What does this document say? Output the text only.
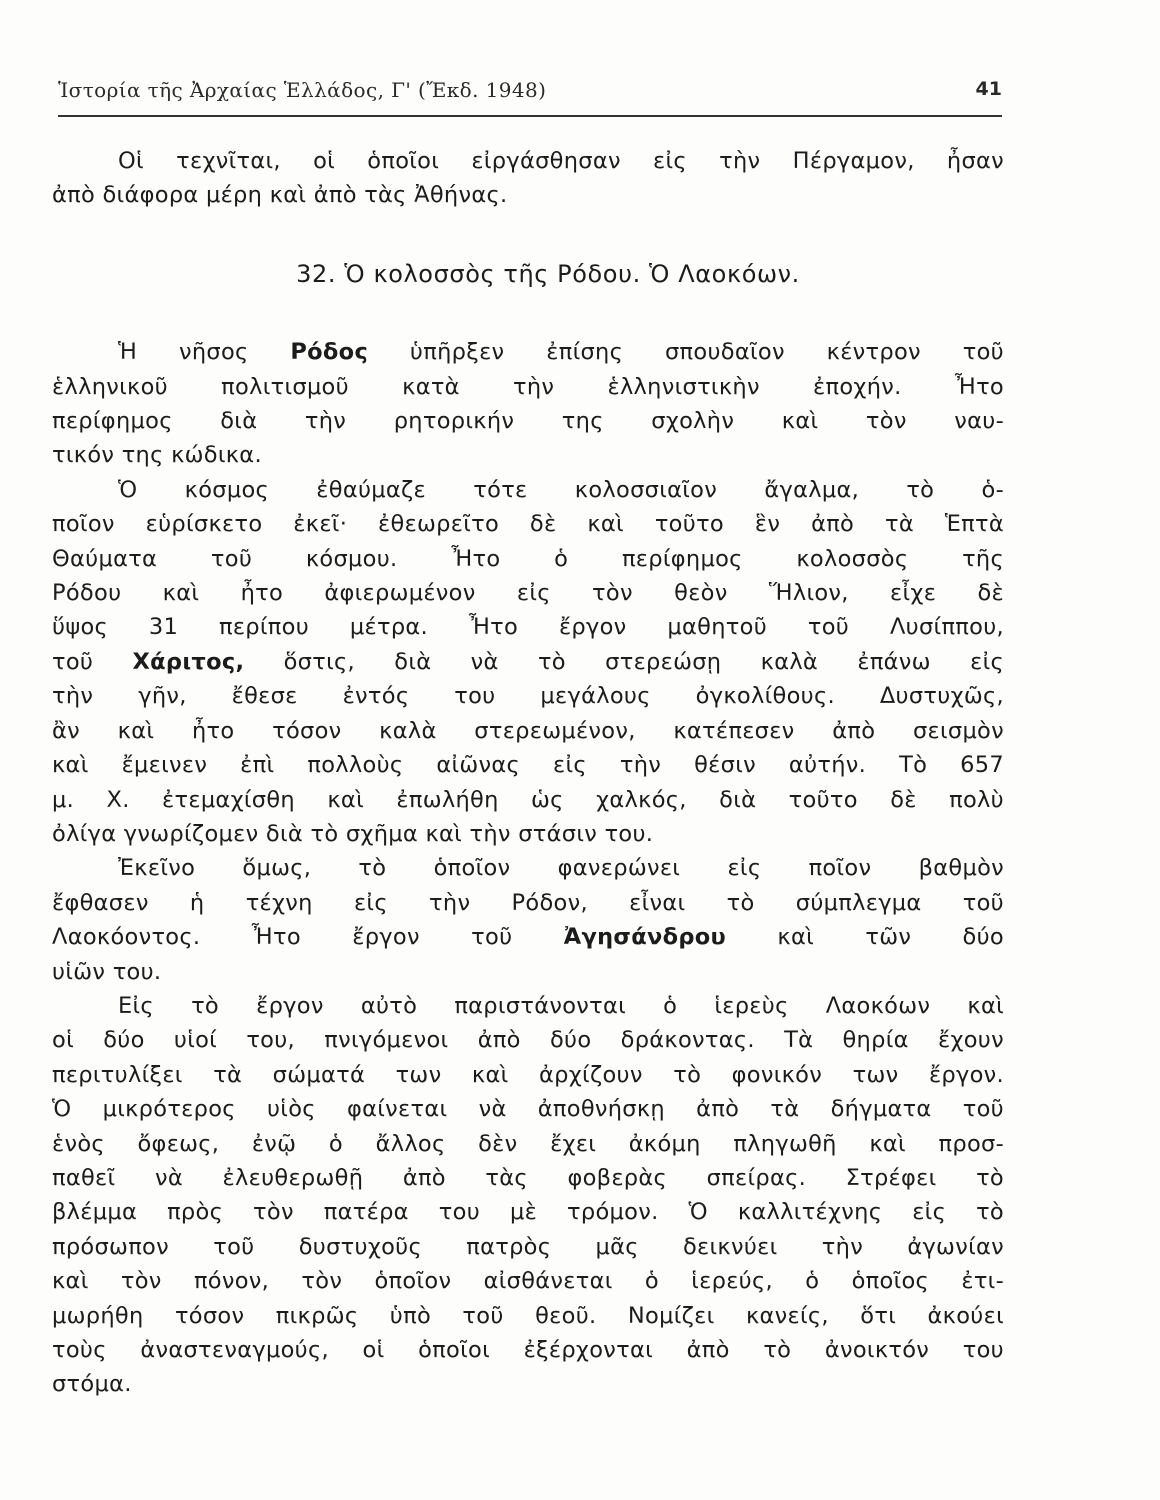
Ἱστορία τῆς Ἀρχαίας Ἑλλάδος, Γ' (Ἔκδ. 1948)	41
Οἱ τεχνῖται, οἱ ὁποῖοι εἰργάσθησαν εἰς τὴν Πέργαμον, ἦσαν
ἀπὸ διάφορα μέρη καὶ ἀπὸ τὰς Ἀθήνας.
32. Ὁ κολοσσὸς τῆς Ρόδου. Ὁ Λαοκόων.
Ἡ νῆσος Ρόδος ὑπῆρξεν ἐπίσης σπουδαῖον κέντρον τοῦ
ἑλληνικοῦ πολιτισμοῦ κατὰ τὴν ἑλληνιστικὴν ἐποχήν. Ἦτο
περίφημος διὰ τὴν ρητορικήν της σχολὴν καὶ τὸν ναυ-
τικόν της κώδικα.
Ὁ κόσμος ἐθαύμαζε τότε κολοσσιαῖον ἄγαλμα, τὸ ὁ-
ποῖον εὑρίσκετο ἐκεῖ· ἐθεωρεῖτο δὲ καὶ τοῦτο ἓν ἀπὸ τὰ Ἑπτὰ
Θαύματα τοῦ κόσμου. Ἦτο ὁ περίφημος κολοσσὸς τῆς
Ρόδου καὶ ἦτο ἀφιερωμένον εἰς τὸν θεὸν Ἥλιον, εἶχε δὲ
ὕψος 31 περίπου μέτρα. Ἦτο ἔργον μαθητοῦ τοῦ Λυσίππου,
τοῦ Χάριτος, ὅστις, διὰ νὰ τὸ στερεώσῃ καλὰ ἐπάνω εἰς
τὴν γῆν, ἔθεσε ἐντός του μεγάλους ὀγκολίθους. Δυστυχῶς,
ἂν καὶ ἦτο τόσον καλὰ στερεωμένον, κατέπεσεν ἀπὸ σεισμὸν
καὶ ἔμεινεν ἐπὶ πολλοὺς αἰῶνας εἰς τὴν θέσιν αὐτήν. Τὸ 657
μ. Χ. ἐτεμαχίσθη καὶ ἐπωλήθη ὡς χαλκός, διὰ τοῦτο δὲ πολὺ
ὀλίγα γνωρίζομεν διὰ τὸ σχῆμα καὶ τὴν στάσιν του.
Ἐκεῖνο ὅμως, τὸ ὁποῖον φανερώνει εἰς ποῖον βαθμὸν
ἔφθασεν ἡ τέχνη εἰς τὴν Ρόδον, εἶναι τὸ σύμπλεγμα τοῦ
Λαοκόοντος. Ἦτο ἔργον τοῦ Ἀγησάνδρου καὶ τῶν δύο
υἱῶν του.
Εἰς τὸ ἔργον αὐτὸ παριστάνονται ὁ ἱερεὺς Λαοκόων καὶ
οἱ δύο υἱοί του, πνιγόμενοι ἀπὸ δύο δράκοντας. Τὰ θηρία ἔχουν
περιτυλίξει τὰ σώματά των καὶ ἀρχίζουν τὸ φονικόν των ἔργον.
Ὁ μικρότερος υἱὸς φαίνεται νὰ ἀποθνήσκῃ ἀπὸ τὰ δήγματα τοῦ
ἑνὸς ὄφεως, ἐνῷ ὁ ἄλλος δὲν ἔχει ἀκόμη πληγωθῆ καὶ προσ-
παθεῖ νὰ ἐλευθερωθῇ ἀπὸ τὰς φοβερὰς σπείρας. Στρέφει τὸ
βλέμμα πρὸς τὸν πατέρα του μὲ τρόμον. Ὁ καλλιτέχνης εἰς τὸ
πρόσωπον τοῦ δυστυχοῦς πατρὸς μᾶς δεικνύει τὴν ἀγωνίαν
καὶ τὸν πόνον, τὸν ὁποῖον αἰσθάνεται ὁ ἱερεύς, ὁ ὁποῖος ἐτι-
μωρήθη τόσον πικρῶς ὑπὸ τοῦ θεοῦ. Νομίζει κανείς, ὅτι ἀκούει
τοὺς ἀναστεναγμούς, οἱ ὁποῖοι ἐξέρχονται ἀπὸ τὸ ἀνοικτόν του
στόμα.
